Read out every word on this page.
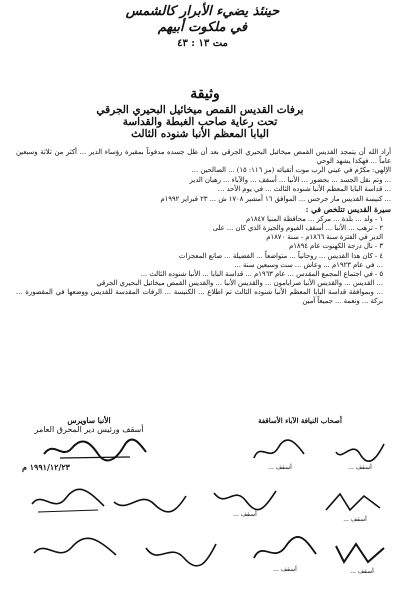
حينئذ يضيء الأبرار كالشمس
في ملكوت أبيهم
مت ١٣ : ٤٣
وثيقة
برفات القديس القمص ميخائيل البحيري الجرقي
تحت رعاية صاحب الغبطة والقداسة
البابا المعظم الأنبا شنوده الثالث

أراد الله أن يتمجد القديس القمص ميخائيل البحيري الجرقي بعد أن ظل جسده مدفوناً بمقبرة رؤساء الدير ... أكثر من ثلاثة وسبعين عاماً ... فهكذا يشهد الوحي

الإلهي: مكرّم في عيني الرب موت أتقيائه (مز ١١٦: ١٥) ... الصالحين ...

... وتم نقل الجسد ... بحضور ... الأنبا ... أسقف ... والآباء ... رهبان الدير

... قداسة البابا المعظم الأنبا شنوده الثالث ... في يوم الأحد ...

... كنيسة القديس مار جرجس ... الموافق ١٦ أمشير ١٧٠٨ ش ... ٢٣ فبراير ١٩٩٢م

سيرة القديس تتلخص في :
١ - ولد ... بلدة ... مركز ... محافظة المنيا ١٨٤٧م
٢ - ترهب ... الأنبا ... أسقف الفيوم والجيزة الذي كان ... على
الدير في الفترة سنة ١٨٦٦م - سنة ١٨٧٠م
٣ - نال درجة الكهنوت عام ١٨٩٤م
٤ - كان هذا القديس ... روحانياً ... متواضعاً ... الفضيلة ... صانع المعجزات
... في عام ١٩٢٣م ... وعاش ... ست وسبعين سنة ...
٥ - في اجتماع المجمع المقدس ... عام ١٩٦٣م ... قداسة البابا ... الأنبا شنوده الثالث ...
... القديس ... والقديس الأنبا صرابامون ... والقديس الأنبا ... والقديس القمص ميخائيل البحيري الجرقي
... وبموافقة قداسة البابا المعظم الأنبا شنوده الثالث تم اطلاع ... الكنيسة ... الرفات المقدسة للقديس ووضعها في المقصورة ... بركة ... ونعمة ... جميعاً آمين
أصحاب النيافة الآباء الأساقفة
الأنبا ساويرس
أسقف ورئيس دير المحرق العامر
١٩٩١/١٢/٢٣ م	أسقف ...	أسقف ...
أسقف ...
أسقف ...
أسقف ...	أسقف ...
